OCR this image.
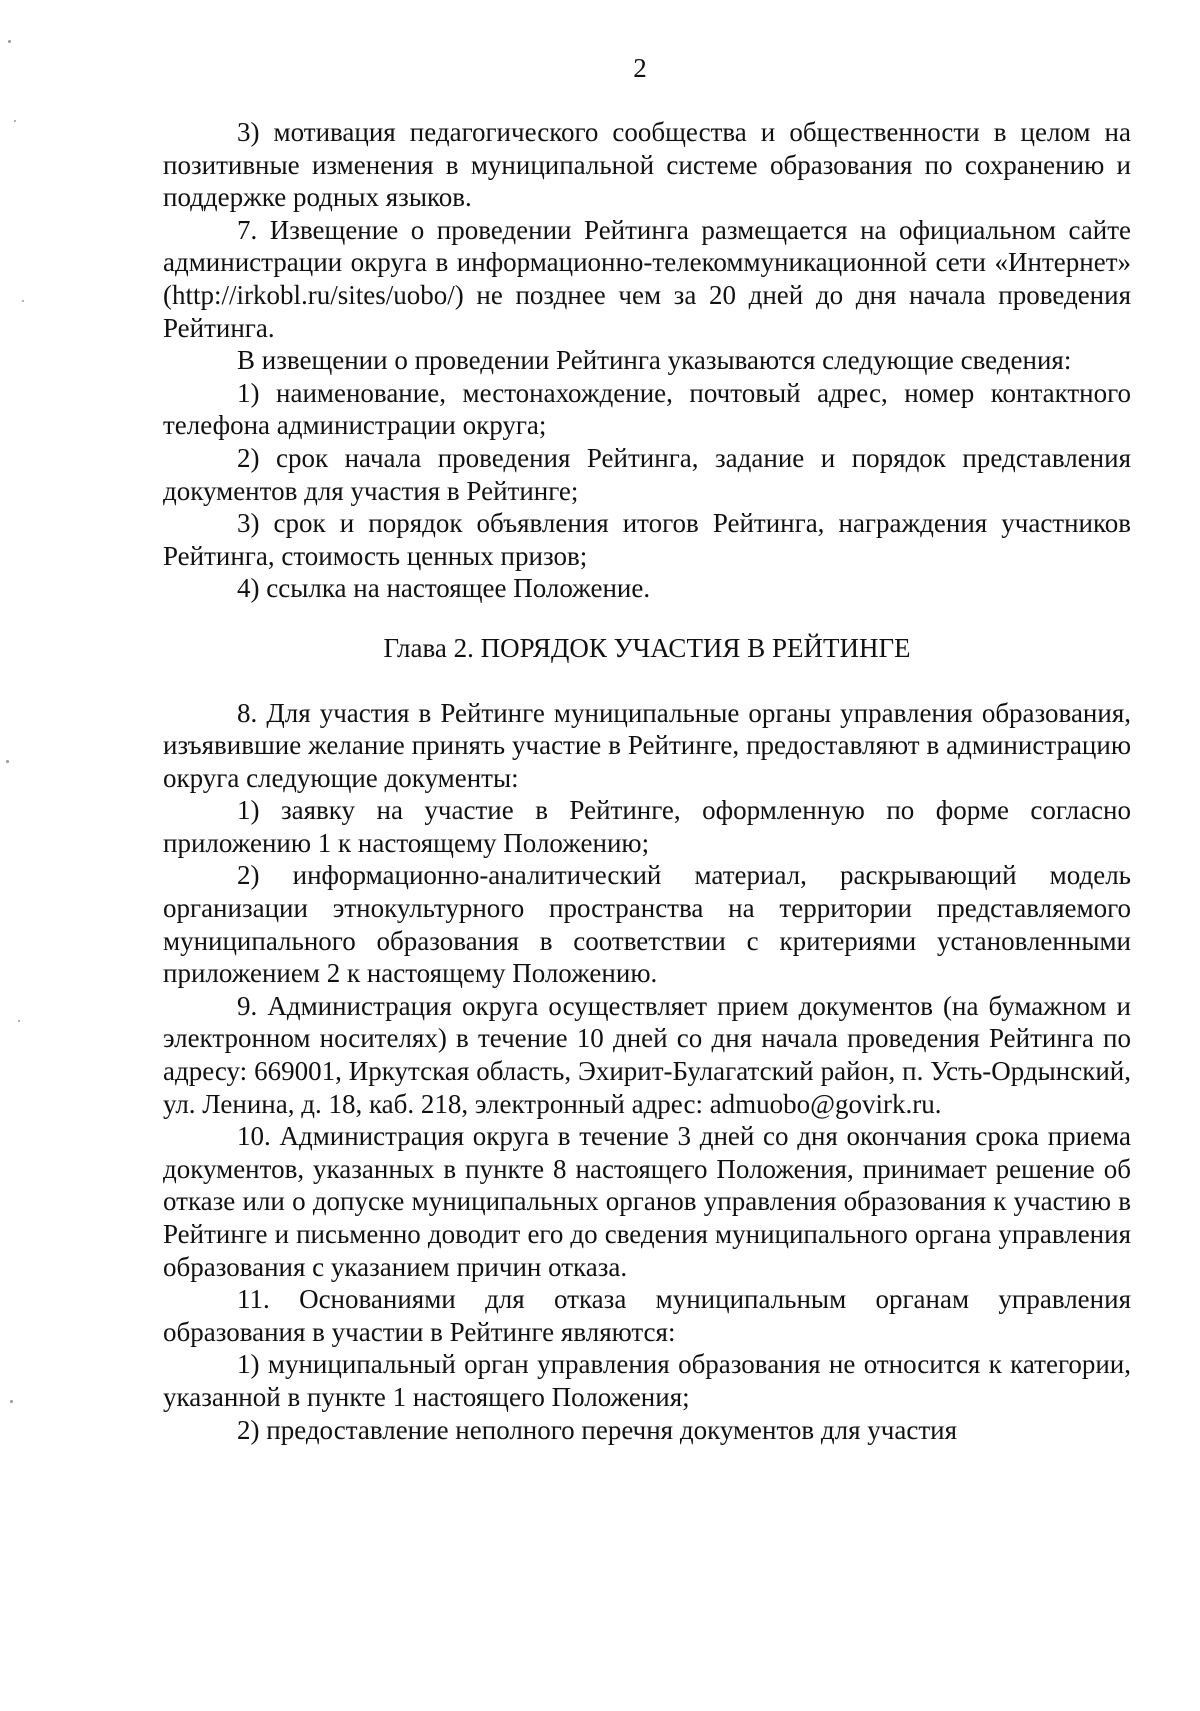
2

3) мотивация педагогического сообщества и общественности в целом на позитивные изменения в муниципальной системе образования по сохранению и поддержке родных языков.

7. Извещение о проведении Рейтинга размещается на официальном сайте администрации округа в информационно-телекоммуникационной сети «Интернет» (http://irkobl.ru/sites/uobo/) не позднее чем за 20 дней до дня начала проведения Рейтинга.

В извещении о проведении Рейтинга указываются следующие сведения:

1) наименование, местонахождение, почтовый адрес, номер контактного телефона администрации округа;

2) срок начала проведения Рейтинга, задание и порядок представления документов для участия в Рейтинге;

3) срок и порядок объявления итогов Рейтинга, награждения участников Рейтинга, стоимость ценных призов;

4) ссылка на настоящее Положение.

Глава 2. ПОРЯДОК УЧАСТИЯ В РЕЙТИНГЕ

8. Для участия в Рейтинге муниципальные органы управления образования, изъявившие желание принять участие в Рейтинге, предоставляют в администрацию округа следующие документы:

1) заявку на участие в Рейтинге, оформленную по форме согласно приложению 1 к настоящему Положению;

2) информационно-аналитический материал, раскрывающий модель организации этнокультурного пространства на территории представляемого муниципального образования в соответствии с критериями установленными приложением 2 к настоящему Положению.

9. Администрация округа осуществляет прием документов (на бумажном и электронном носителях) в течение 10 дней со дня начала проведения Рейтинга по адресу: 669001, Иркутская область, Эхирит-Булагатский район, п. Усть-Ордынский, ул. Ленина, д. 18, каб. 218, электронный адрес: admuobo@govirk.ru.

10. Администрация округа в течение 3 дней со дня окончания срока приема документов, указанных в пункте 8 настоящего Положения, принимает решение об отказе или о допуске муниципальных органов управления образования к участию в Рейтинге и письменно доводит его до сведения муниципального органа управления образования с указанием причин отказа.

11. Основаниями для отказа муниципальным органам управления образования в участии в Рейтинге являются:

1) муниципальный орган управления образования не относится к категории, указанной в пункте 1 настоящего Положения;

2) предоставление неполного перечня документов для участия
